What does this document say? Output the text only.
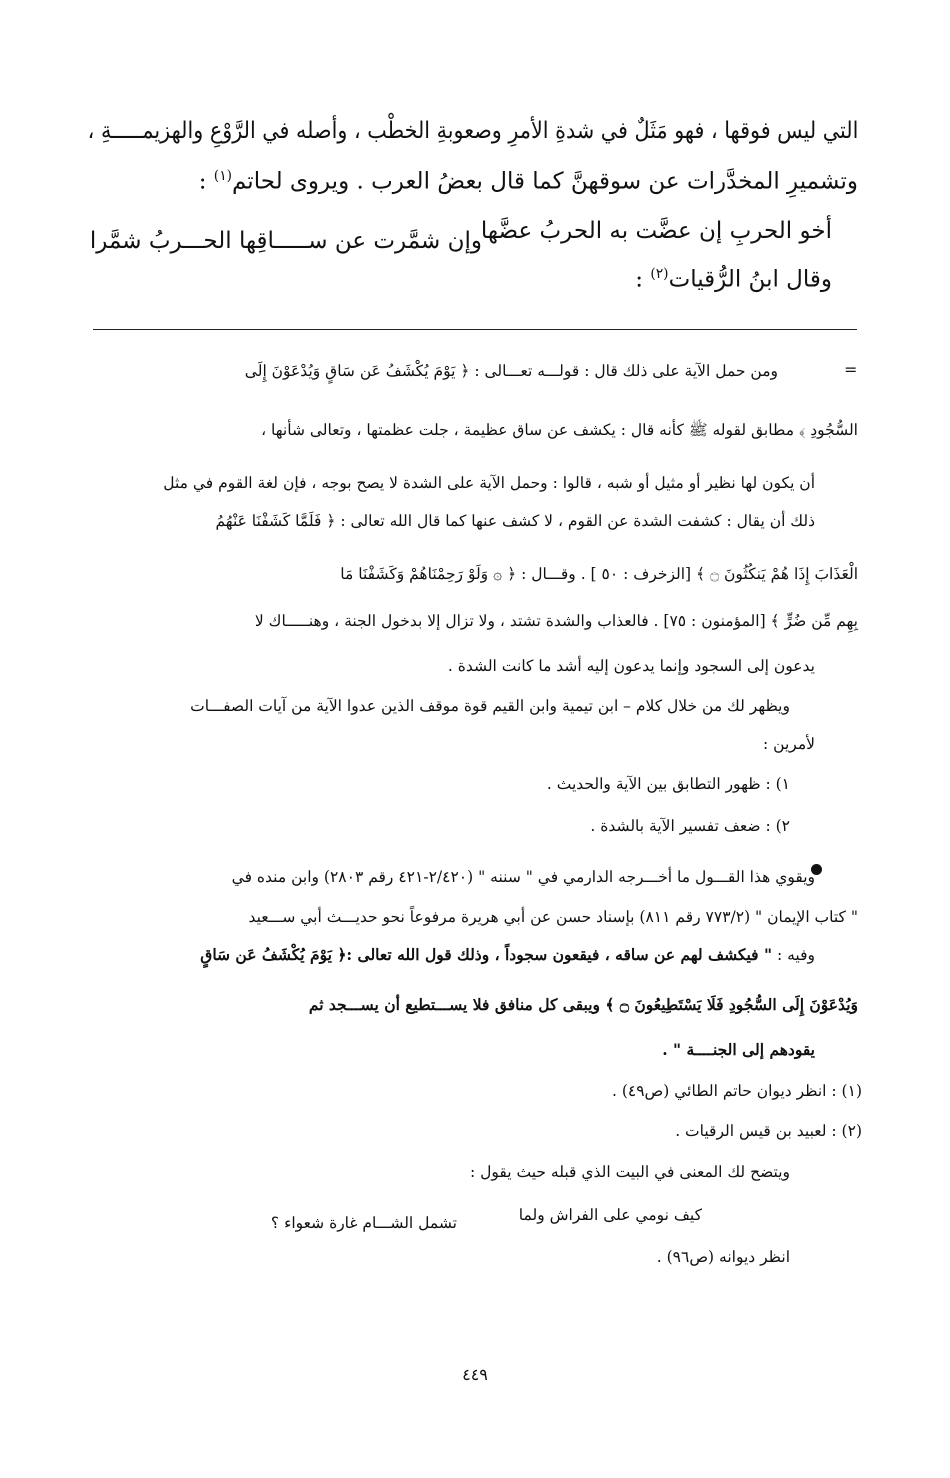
التي ليس فوقها ، فهو مَثَلٌ في شدةِ الأمرِ وصعوبةِ الخطْب ، وأصله في الرَّوْعِ والهزيمـــــةِ ،
وتشميرِ المخدَّرات عن سوقهنَّ كما قال بعضُ العرب . ويروى لحاتم$^{(١)}$ :
أخو الحربِ إن عضَّت به الحربُ عضَّها
وإن شمَّرت عن ســـــاقِها الحـــربُ شمَّرا
وقال ابنُ الرُّقيات$^{(٢)}$ :
=
ومن حمل الآية على ذلك قال : قولـــه تعـــالى : ﴿ يَوْمَ يُكْشَفُ عَن سَاقٍ وَيُدْعَوْنَ إِلَى
السُّجُودِ ﴾ مطابق لقوله ﷺ كأنه قال : يكشف عن ساق عظيمة ، جلت عظمتها ، وتعالى شأنها ،
أن يكون لها نظير أو مثيل أو شبه ، قالوا : وحمل الآية على الشدة لا يصح بوجه ، فإن لغة القوم في مثل
ذلك أن يقال : كشفت الشدة عن القوم ، لا كشف عنها كما قال الله تعالى : ﴿ فَلَمَّا كَشَفْنَا عَنْهُمُ
الْعَذَابَ إِذَا هُمْ يَنكُثُونَ ۝ ﴾ [الزخرف : ٥٠ ] . وقـــال : ﴿ ۞ وَلَوْ رَحِمْنَاهُمْ وَكَشَفْنَا مَا
بِهِم مِّن ضُرٍّ ﴾ [المؤمنون : ٧٥] . فالعذاب والشدة تشتد ، ولا تزال إلا بدخول الجنة ، وهنـــــاك لا
يدعون إلى السجود وإنما يدعون إليه أشد ما كانت الشدة .
ويظهر لك من خلال كلام – ابن تيمية وابن القيم قوة موقف الذين عدوا الآية من آيات الصفـــات
لأمرين :
١) : ظهور التطابق بين الآية والحديث .
٢) : ضعف تفسير الآية بالشدة .
ويقوي هذا القـــول ما أخـــرجه الدارمي في " سننه " (٢/٤٢٠-٤٢١ رقم ٢٨٠٣) وابن منده في
" كتاب الإيمان " (٧٧٣/٢ رقم ٨١١) بإسناد حسن عن أبي هريرة مرفوعاً نحو حديـــث أبي ســـعيد
وفيه : " فيكشف لهم عن ساقه ، فيقعون سجوداً ، وذلك قول الله تعالى :﴿ يَوْمَ يُكْشَفُ عَن سَاقٍ
وَيُدْعَوْنَ إِلَى السُّجُودِ فَلَا يَسْتَطِيعُونَ ۝ ﴾ ويبقى كل منافق فلا يســـتطيع أن يســـجد ثم
يقودهم إلى الجنــــة " .
(١) : انظر ديوان حاتم الطائي (ص٤٩) .
(٢) : لعبيد بن قيس الرقيات .
ويتضح لك المعنى في البيت الذي قبله حيث يقول :
كيف نومي على الفراش ولما
تشمل الشـــام غارة شعواء ؟
انظر ديوانه (ص٩٦) .
٤٤٩
